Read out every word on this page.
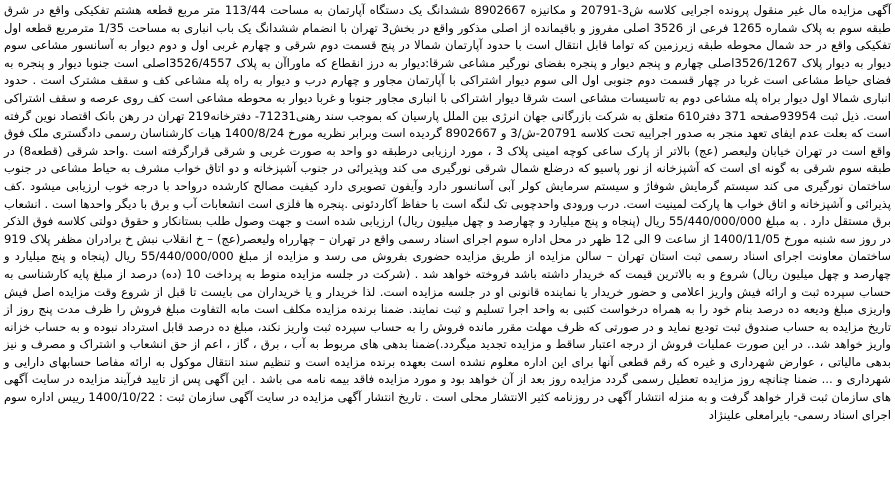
آگهی مزایده مال غیر منقول پرونده اجرایی کلاسه ش3-20791 و مکانیزه 8902667 ششدانگ یک دستگاه آپارتمان به مساحت 113/44 متر مربع قطعه هشتم تفکیکی واقع در شرق طبقه سوم به پلاک شماره 1265 فرعی از 3526 اصلی مفروز و باقیمانده از اصلی مذکور واقع در بخش3 تهران با انضمام ششدانگ یک باب انباری به مساحت 1/35 مترمربع قطعه اول تفکیکی واقع در حد شمال محوطه طبقه زیرزمین که تواما قابل انتقال است با حدود آپارتمان شمالا در پنج قسمت دوم شرقی و چهارم غربی اول و دوم دیوار به آسانسور مشاعی سوم دیوار به دیوار پلاک 3526/1267اصلی چهارم و پنجم دیوار و پنجره بفضای نورگیر مشاعی شرقا:دیوار به درز انقطاع که ماوراآن به پلاک 3526/4557اصلی است جنوبا دیوار و پنجره به فضای حیاط مشاعی است غربا در چهار قسمت دوم جنوبی اول الی سوم دیوار اشتراکی با آپارتمان مجاور و چهارم درب و دیوار به راه پله مشاعی کف و سقف مشترک است . حدود انباری شمالا اول دیوار براه پله مشاعی دوم به تاسیسات مشاعی است شرقا دیوار اشتراکی با انباری مجاور جنوبا و غربا دیوار به محوطه مشاعی است کف روی عرصه و سقف اشتراکی است. ذیل ثبت 93954صفحه 371 دفتر610 متعلق به شرکت بازرگانی جهان انرژی بین الملل پارسیان که بموجب سند رهنی71231- دفترخانه219 تهران در رهن بانک اقتصاد نوین گرفته است که بعلت عدم ایفای تعهد منجر به صدور اجراییه تحت کلاسه 20791-ش/3 و 8902667 گردیده است وبرابر نظریه مورخ 1400/8/24 هیات کارشناسان رسمی دادگستری ملک فوق واقع است در تهران خیابان ولیعصر (عج) بالاتر از پارک ساعی کوچه امینی پلاک 3 ، مورد ارزیابی درطبقه دو واحد به صورت غربی و شرقی قرارگرفته است .واحد شرقی (قطعه8) در طبقه سوم شرقی به گونه ای است که آشپزخانه از نور پاسیو که درضلع شمال شرقی نورگیری می کند وپذیرائی در جنوب آشپزخانه و دو اتاق خواب مشرف به حیاط مشاعی در جنوب ساختمان نورگیری می کند سیستم گرمایش شوفاژ و سیستم سرمایش کولر آبی آسانسور دارد وآیفون تصویری دارد کیفیت مصالح کارشده درواحد با درجه خوب ارزیابی میشود .کف پذیرائی و آشپزخانه و اتاق خواب ها پارکت لمینیت است. درب ورودی واحدچوبی تک لنگه است با حفاظ آکاردئونی .پنجره ها فلزی است انشعابات آب و برق با دیگر واحدها است . انشعاب برق مستقل دارد . به مبلغ 55/440/000/000 ریال (پنجاه و پنج میلیارد و چهارصد و چهل میلیون ریال) ارزیابی شده است و جهت وصول طلب بستانکار و حقوق دولتی کلاسه فوق الذکر در روز سه شنبه مورخ 1400/11/05 از ساعت 9 الی 12 ظهر در محل اداره سوم اجرای اسناد رسمی واقع در تهران – چهارراه ولیعصر(عج) – خ انقلاب نبش خ برادران مظفر پلاک 919 ساختمان معاونت اجرای اسناد رسمی ثبت استان تهران – سالن مزایده از طریق مزایده حضوری بفروش می رسد و مزایده از مبلغ 55/440/000/000 ریال (پنجاه و پنج میلیارد و چهارصد و چهل میلیون ریال) شروع و به بالاترین قیمت که خریدار داشته باشد فروخته خواهد شد . (شرکت در جلسه مزایده منوط به پرداخت 10 (ده) درصد از مبلغ پایه کارشناسی به حساب سپرده ثبت و ارائه فیش واریز اعلامی و حضور خریدار یا نماینده قانونی او در جلسه مزایده است. لذا خریدار و یا خریداران می بایست تا قبل از شروع وقت مزایده اصل فیش واریزی مبلغ ودیعه ده درصد بنام خود را به همراه درخواست کتبی به واحد اجرا تسلیم و ثبت نمایند. ضمنا برنده مزایده مکلف است مابه التفاوت مبلغ فروش را ظرف مدت پنج روز از تاریخ مزایده به حساب صندوق ثبت تودیع نماید و در صورتی که ظرف مهلت مقرر مانده فروش را به حساب سپرده ثبت واریز نکند، مبلغ ده درصد قابل استرداد نبوده و به حساب خزانه واریز خواهد شد.. در این صورت عملیات فروش از درجه اعتبار ساقط و مزایده تجدید میگردد.)ضمنا بدهی های مربوط به آب ، برق ، گاز ، اعم از حق انشعاب و اشتراک و مصرف و نیز بدهی مالیاتی ، عوارض شهرداری و غیره که رقم قطعی آنها برای این اداره معلوم نشده است بعهده برنده مزایده است و تنظیم سند انتقال موکول به ارائه مفاصا حسابهای دارایی و شهرداری و ... ضمنا چنانچه روز مزایده تعطیل رسمی گردد مزایده روز بعد از آن خواهد بود و مورد مزایده فاقد بیمه نامه می باشد . این آگهی پس از تایید فرآیند مزایده در سایت آگهی های سازمان ثبت قرار خواهد گرفت و به منزله انتشار آگهی در روزنامه کثیر الانتشار محلی است . تاریخ انتشار آگهی مزایده در سایت آگهی سازمان ثبت : 1400/10/22 رییس اداره سوم اجرای اسناد رسمی- بایرامعلی علینژاد
